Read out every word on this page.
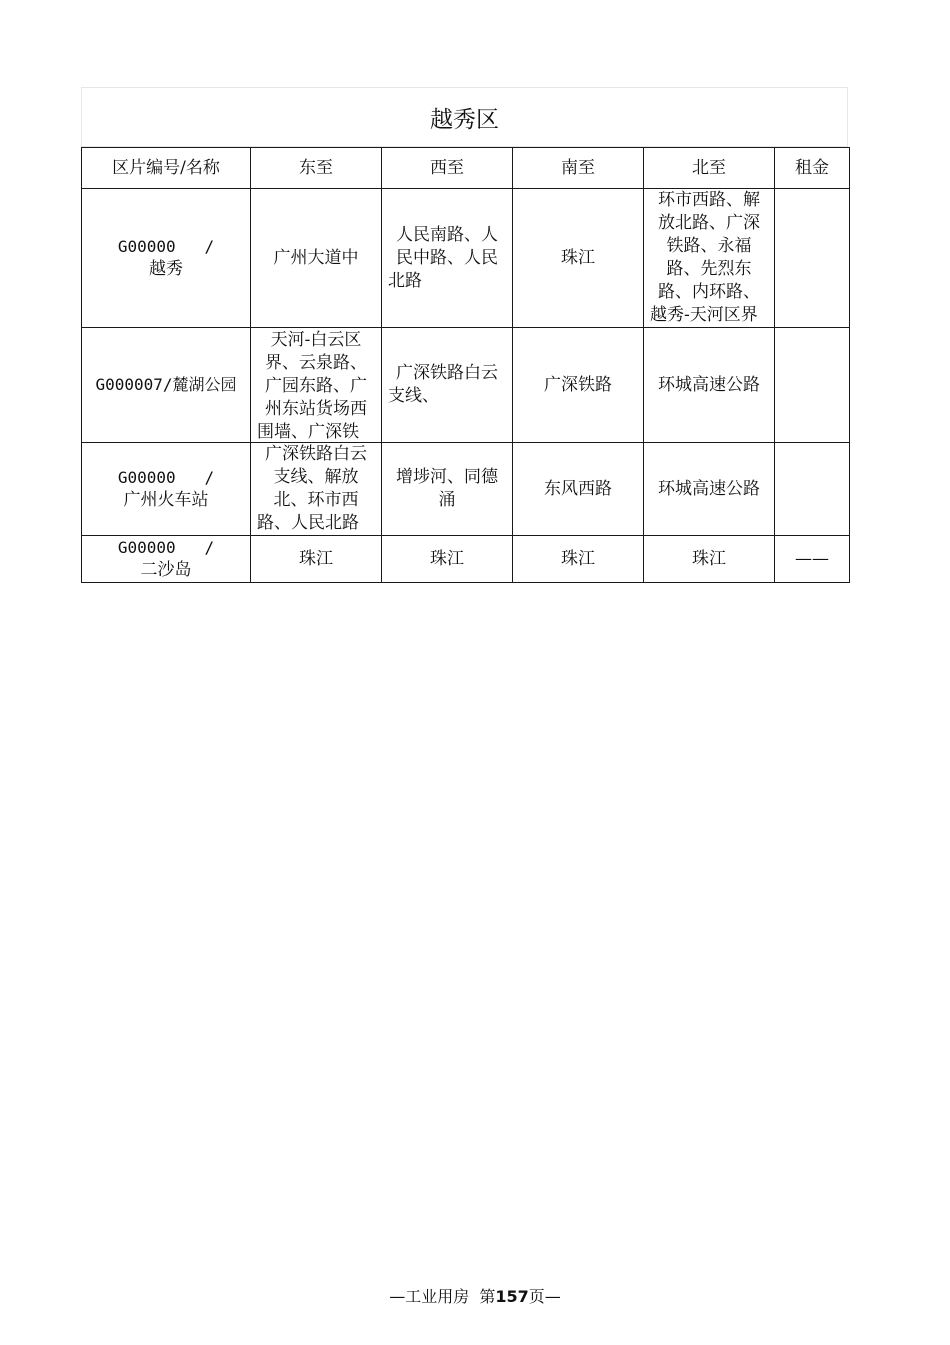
越秀区
区片编号/名称	东至	西至	南至	北至	租金

G00000 /
越秀	广州大道中	人民南路、人民中路、人民北路	珠江	环市西路、解放北路、广深铁路、永福路、先烈东路、内环路、越秀-天河区界	
G000007/麓湖公园	天河-白云区界、云泉路、广园东路、广州东站货场西围墙、广深铁	广深铁路白云支线、	广深铁路	环城高速公路	

G00000 /
广州火车站	广深铁路白云支线、解放北、环市西路、人民北路	增埗河、同德涌	东风西路	环城高速公路	

G00000 /
二沙岛	珠江	珠江	珠江	珠江	——
—工业用房  第157页—
